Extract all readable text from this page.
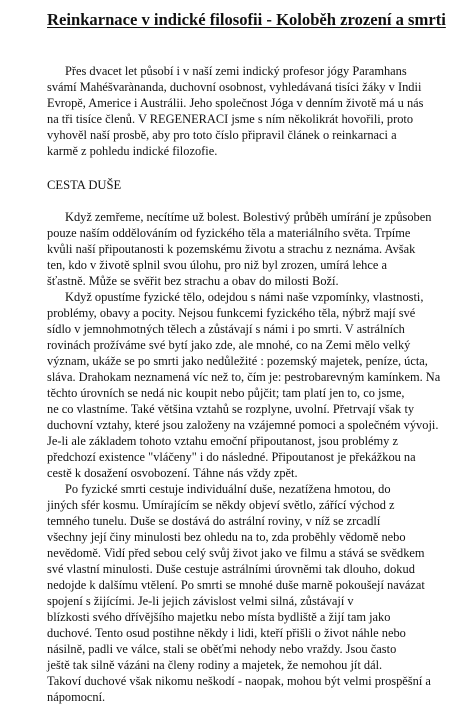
Reinkarnace v indické filosofii - Koloběh zrození a smrti
Přes dvacet let působí i v naší zemi indický profesor jógy Paramhans
svámí Mahéšvarànanda, duchovní osobnost, vyhledávaná tisíci žáky v Indii
Evropě, Americe i Austrálii. Jeho společnost Jóga v denním životě má u nás
na tři tisíce členů. V REGENERACI jsme s ním několikrát hovořili, proto
vyhověl naší prosbě, aby pro toto číslo připravil článek o reinkarnaci a
karmě z pohledu indické filozofie.
CESTA DUŠE
Když zemřeme, necítíme už bolest. Bolestivý průběh umírání je způsoben
pouze naším oddělováním od fyzického těla a materiálního světa. Trpíme
kvůli naší připoutanosti k pozemskému životu a strachu z neznáma. Avšak
ten, kdo v životě splnil svou úlohu, pro niž byl zrozen, umírá lehce a
šťastně. Může se svěřit bez strachu a obav do milosti Boží.
Když opustíme fyzické tělo, odejdou s námi naše vzpomínky, vlastnosti,
problémy, obavy a pocity. Nejsou funkcemi fyzického těla, nýbrž mají své
sídlo v jemnohmotných tělech a zůstávají s námi i po smrti. V astrálních
rovinách prožíváme své bytí jako zde, ale mnohé, co na Zemi mělo velký
význam, ukáže se po smrti jako nedůležité : pozemský majetek, peníze, úcta,
sláva. Drahokam neznamená víc než to, čím je: pestrobarevným kamínkem. Na
těchto úrovních se nedá nic koupit nebo půjčit; tam platí jen to, co jsme,
ne co vlastníme. Také většina vztahů se rozplyne, uvolní. Přetrvají však ty
duchovní vztahy, které jsou založeny na vzájemné pomoci a společném vývoji.
Je-li ale základem tohoto vztahu emoční připoutanost, jsou problémy z
předchozí existence "vláčeny" i do následné. Připoutanost je překážkou na
cestě k dosažení osvobození. Táhne nás vždy zpět.
Po fyzické smrti cestuje individuální duše, nezatížena hmotou, do
jiných sfér kosmu. Umírajícím se někdy objeví světlo, zářící východ z
temného tunelu. Duše se dostává do astrální roviny, v níž se zrcadlí
všechny její činy minulosti bez ohledu na to, zda proběhly vědomě nebo
nevědomě. Vidí před sebou celý svůj život jako ve filmu a stává se svědkem
své vlastní minulosti. Duše cestuje astrálními úrovněmi tak dlouho, dokud
nedojde k dalšímu vtělení. Po smrti se mnohé duše marně pokoušejí navázat
spojení s žijícími. Je-li jejich závislost velmi silná, zůstávají v
blízkosti svého dřívějšího majetku nebo místa bydliště a žijí tam jako
duchové. Tento osud postihne někdy i lidi, kteří přišli o život náhle nebo
násilně, padli ve válce, stali se oběťmi nehody nebo vraždy. Jsou často
ještě tak silně vázáni na členy rodiny a majetek, že nemohou jít dál.
Takoví duchové však nikomu neškodí - naopak, mohou být velmi prospěšní a
nápomocní.
